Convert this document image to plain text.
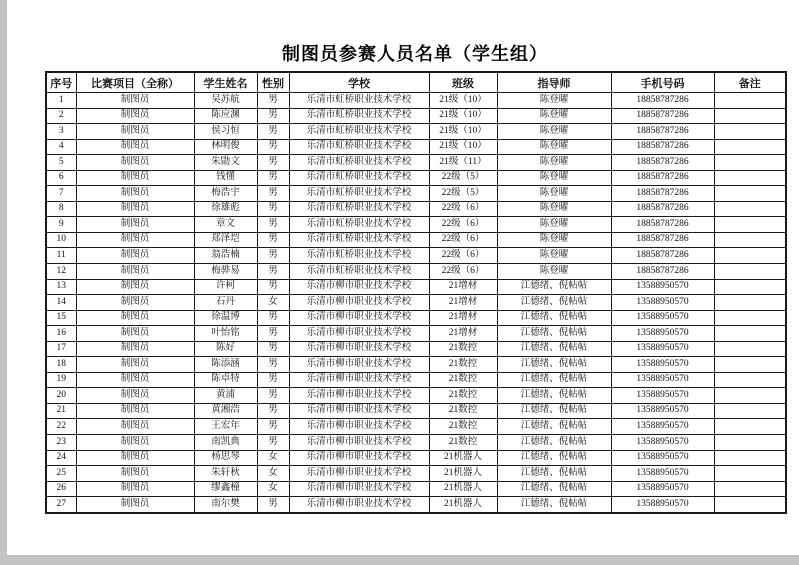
制图员参赛人员名单（学生组）
序号	比赛项目（全称）	学生姓名	性别	学校	班级	指导师	手机号码	备注
1	制图员	吴苏航	男	乐清市虹桥职业技术学校	21级（10）	陈登曜	18858787286	
2	制图员	陈应渊	男	乐清市虹桥职业技术学校	21级（10）	陈登曜	18858787286	
3	制图员	侯习恒	男	乐清市虹桥职业技术学校	21级（10）	陈登曜	18858787286	
4	制图员	林明俊	男	乐清市虹桥职业技术学校	21级（10）	陈登曜	18858787286	
5	制图员	朱勖文	男	乐清市虹桥职业技术学校	21级（11）	陈登曜	18858787286	
6	制图员	钱懂	男	乐清市虹桥职业技术学校	22级（5）	陈登曜	18858787286	
7	制图员	梅浩宇	男	乐清市虹桥职业技术学校	22级（5）	陈登曜	18858787286	
8	制图员	徐雄彪	男	乐清市虹桥职业技术学校	22级（6）	陈登曜	18858787286	
9	制图员	章文	男	乐清市虹桥职业技术学校	22级（6）	陈登曜	18858787286	
10	制图员	郑泽垲	男	乐清市虹桥职业技术学校	22级（6）	陈登曜	18858787286	
11	制图员	翁浩楠	男	乐清市虹桥职业技术学校	22级（6）	陈登曜	18858787286	
12	制图员	梅骅易	男	乐清市虹桥职业技术学校	22级（6）	陈登曜	18858787286	
13	制图员	许柯	男	乐清市柳市职业技术学校	21增材	江德绪、倪帖帖	13588950570	
14	制图员	石丹	女	乐清市柳市职业技术学校	21增材	江德绪、倪帖帖	13588950570	
15	制图员	徐温博	男	乐清市柳市职业技术学校	21增材	江德绪、倪帖帖	13588950570	
16	制图员	叶怡铭	男	乐清市柳市职业技术学校	21增材	江德绪、倪帖帖	13588950570	
17	制图员	陈好	男	乐清市柳市职业技术学校	21数控	江德绪、倪帖帖	13588950570	
18	制图员	陈添涵	男	乐清市柳市职业技术学校	21数控	江德绪、倪帖帖	13588950570	
19	制图员	陈卓特	男	乐清市柳市职业技术学校	21数控	江德绪、倪帖帖	13588950570	
20	制图员	黄浦	男	乐清市柳市职业技术学校	21数控	江德绪、倪帖帖	13588950570	
21	制图员	黄湘浩	男	乐清市柳市职业技术学校	21数控	江德绪、倪帖帖	13588950570	
22	制图员	王宏年	男	乐清市柳市职业技术学校	21数控	江德绪、倪帖帖	13588950570	
23	制图员	南凯典	男	乐清市柳市职业技术学校	21数控	江德绪、倪帖帖	13588950570	
24	制图员	杨思琴	女	乐清市柳市职业技术学校	21机器人	江德绪、倪帖帖	13588950570	
25	制图员	朱轩秋	女	乐清市柳市职业技术学校	21机器人	江德绪、倪帖帖	13588950570	
26	制图员	缪鑫橦	女	乐清市柳市职业技术学校	21机器人	江德绪、倪帖帖	13588950570	
27	制图员	南尔樊	男	乐清市柳市职业技术学校	21机器人	江德绪、倪帖帖	13588950570	
